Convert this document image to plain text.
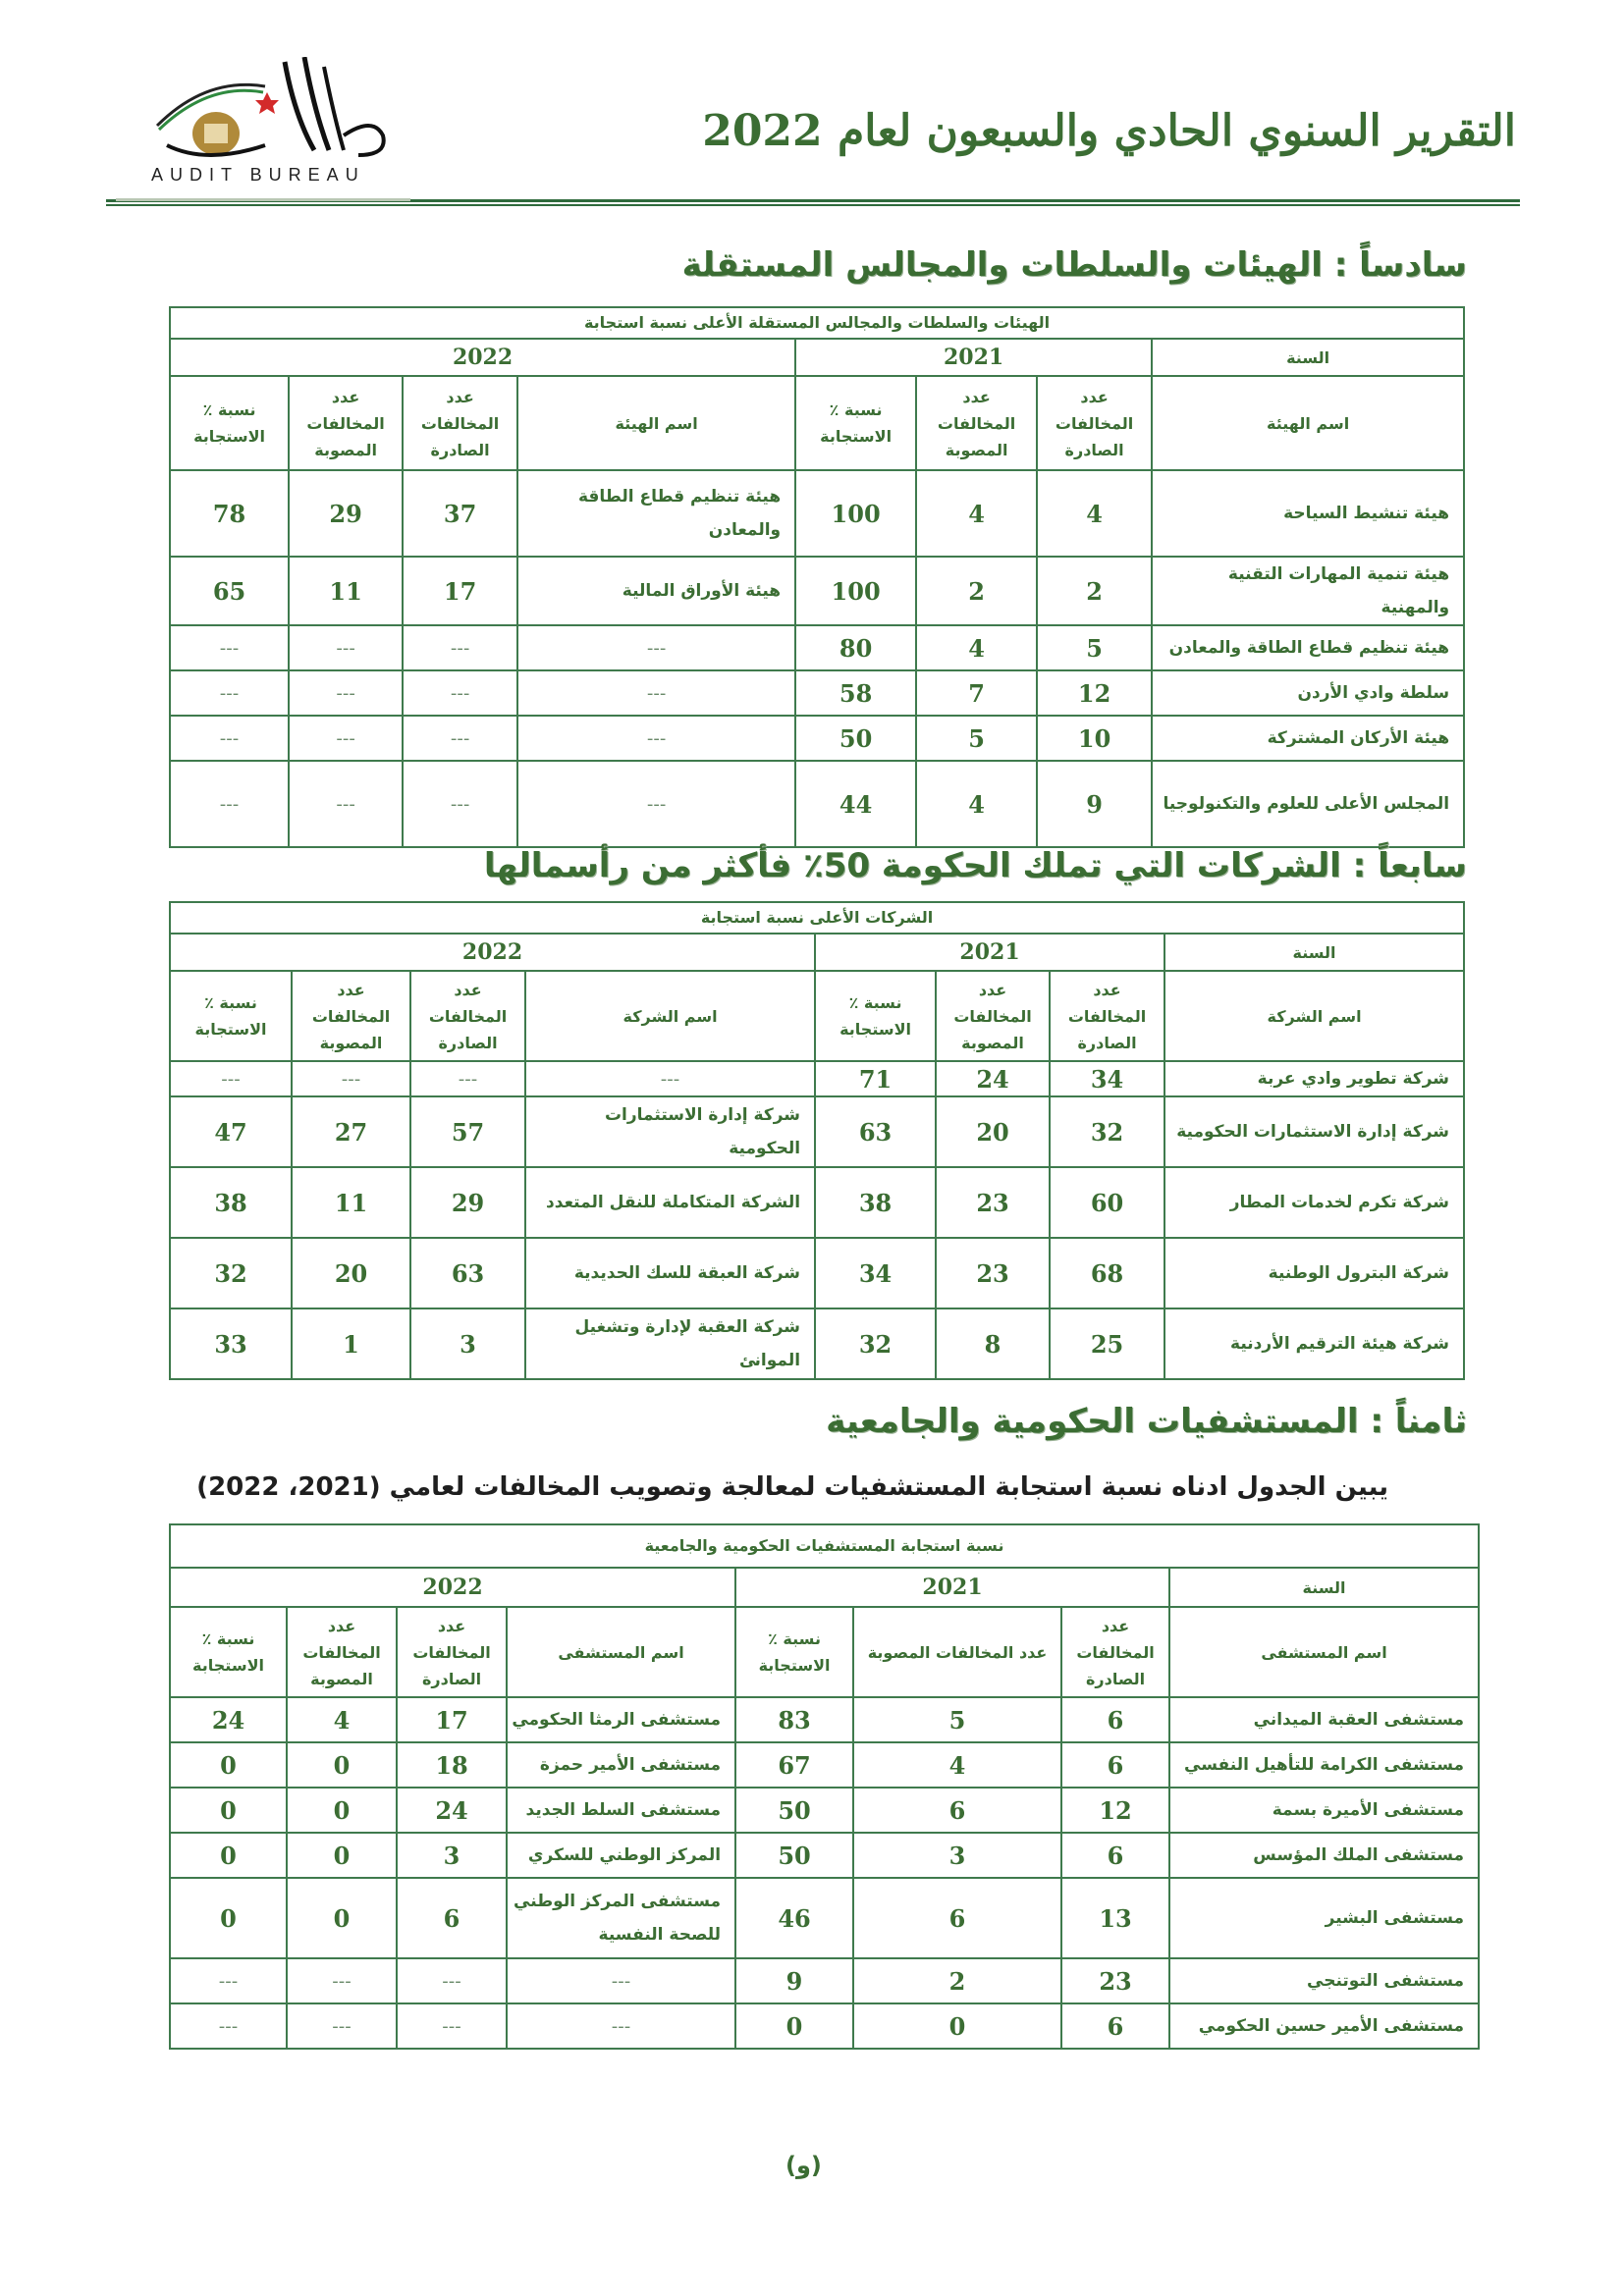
AUDIT BUREAU
التقرير السنوي الحادي والسبعون لعام 2022
سادساً : الهيئات والسلطات والمجالس المستقلة
الهيئات والسلطات والمجالس المستقلة الأعلى نسبة استجابة							
السنة	2021			2022			
اسم الهيئة	عدد المخالفات الصادرة	عدد المخالفات المصوبة	نسبة ٪ الاستجابة	اسم الهيئة	عدد المخالفات الصادرة	عدد المخالفات المصوبة	نسبة ٪ الاستجابة
هيئة تنشيط السياحة	4	4	100	هيئة تنظيم قطاع الطاقة والمعادن	37	29	78
هيئة تنمية المهارات التقنية والمهنية	2	2	100	هيئة الأوراق المالية	17	11	65
هيئة تنظيم قطاع الطاقة والمعادن	5	4	80	---	---	---	---
سلطة وادي الأردن	12	7	58	---	---	---	---
هيئة الأركان المشتركة	10	5	50	---	---	---	---
المجلس الأعلى للعلوم والتكنولوجيا	9	4	44	---	---	---	---
سابعاً : الشركات التي تملك الحكومة 50٪ فأكثر من رأسمالها
الشركات الأعلى نسبة استجابة							
السنة	2021			2022			
اسم الشركة	عدد المخالفات الصادرة	عدد المخالفات المصوبة	نسبة ٪ الاستجابة	اسم الشركة	عدد المخالفات الصادرة	عدد المخالفات المصوبة	نسبة ٪ الاستجابة
شركة تطوير وادي عربة	34	24	71	---	---	---	---
شركة إدارة الاستثمارات الحكومية	32	20	63	شركة إدارة الاستثمارات الحكومية	57	27	47
شركة تكرم لخدمات المطار	60	23	38	الشركة المتكاملة للنقل المتعدد	29	11	38
شركة البترول الوطنية	68	23	34	شركة العبقة للسك الحديدية	63	20	32
شركة هيئة الترقيم الأردنية	25	8	32	شركة العقبة لإدارة وتشغيل الموانئ	3	1	33
ثامناً : المستشفيات الحكومية والجامعية
يبين الجدول ادناه نسبة استجابة المستشفيات لمعالجة وتصويب المخالفات لعامي (2021، 2022)
نسبة استجابة المستشفيات الحكومية والجامعية							
السنة	2021			2022			
اسم المستشفى	عدد المخالفات الصادرة	عدد المخالفات المصوبة	نسبة ٪ الاستجابة	اسم المستشفى	عدد المخالفات الصادرة	عدد المخالفات المصوبة	نسبة ٪ الاستجابة
مستشفى العقبة الميداني	6	5	83	مستشفى الرمثا الحكومي	17	4	24
مستشفى الكرامة للتأهيل النفسي	6	4	67	مستشفى الأمير حمزة	18	0	0
مستشفى الأميرة بسمة	12	6	50	مستشفى السلط الجديد	24	0	0
مستشفى الملك المؤسس	6	3	50	المركز الوطني للسكري	3	0	0
مستشفى البشير	13	6	46	مستشفى المركز الوطني للصحة النفسية	6	0	0
مستشفى التوتنجي	23	2	9	---	---	---	---
مستشفى الأمير حسين الحكومي	6	0	0	---	---	---	---
(و)
